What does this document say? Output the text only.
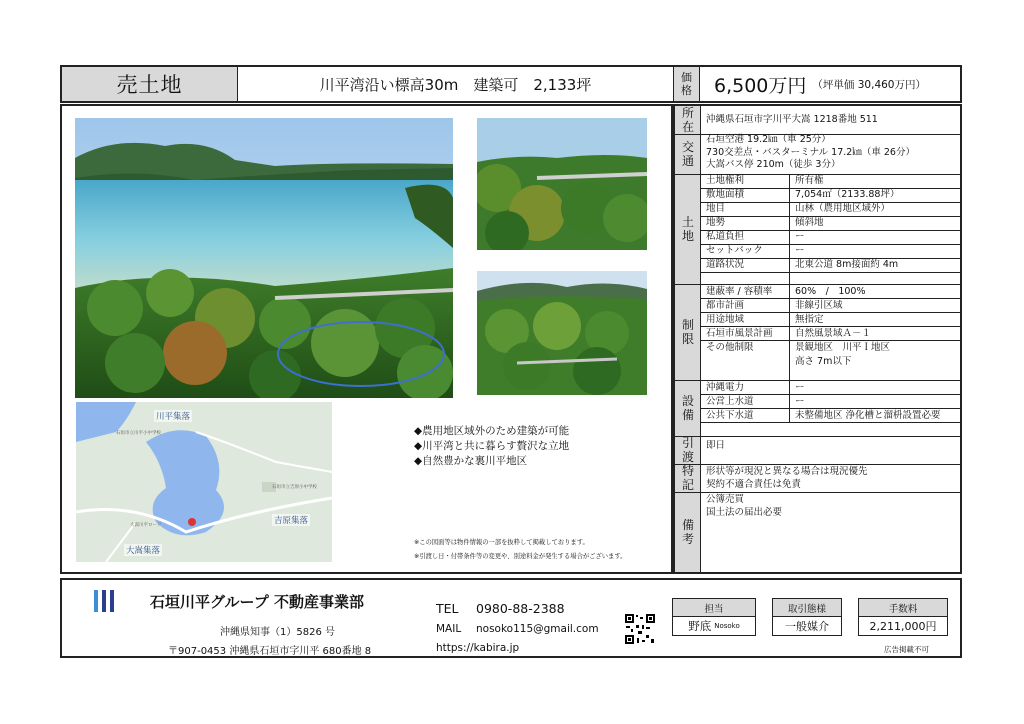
売土地	川平湾沿い標高30m　建築可　2,133坪	価
格 6,500万円 （坪単価 30,460万円）
川平集落
吉原集落
大嵩集落
石垣市立川平小中学校
石垣市立吉原小中学校
大嵩川平ロード
◆農用地区域外のため建築が可能
◆川平湾と共に暮らす贅沢な立地
◆自然豊かな裏川平地区
※この図面等は物件情報の一部を抜粋して掲載しております。
※引渡し日・付帯条件等の変更や、別途料金が発生する場合がございます。
所
在
沖縄県石垣市字川平大嵩 1218番地 511
交
通
石垣空港 19.2㎞（車 25分）
730交差点・バスターミナル 17.2㎞（車 26分）
大嵩バス停 210m（徒歩 3分）
土
地
土地権利	所有権
敷地面積	7,054㎡（2133.88坪）
地目	山林（農用地区域外）
地勢	傾斜地
私道負担	ー
セットバック	ー
道路状況	北東公道 8m接面約 4m
制
限
建蔽率 / 容積率 60%　/　100%
都市計画	非線引区域
用途地域	無指定
石垣市風景計画 自然風景域Ａ－１
その他制限	景観地区　川平Ｉ地区
高さ 7m以下
設
備
沖縄電力	ー
公営上水道	ー
公共下水道	未整備地区 浄化槽と溜枡設置必要
引
渡
即日
特
記
形状等が現況と異なる場合は現況優先
契約不適合責任は免責
備
考
公簿売買
国土法の届出必要
石垣川平グループ 不動産事業部
沖縄県知事（1）5826 号
〒907-0453 沖縄県石垣市字川平 680番地 8
TEL 0980-88-2388
MAIL nosoko115@gmail.com
https://kabira.jp
担当
野底 Nosoko
取引態様
一般媒介
手数料
2,211,000円
広告掲載不可
